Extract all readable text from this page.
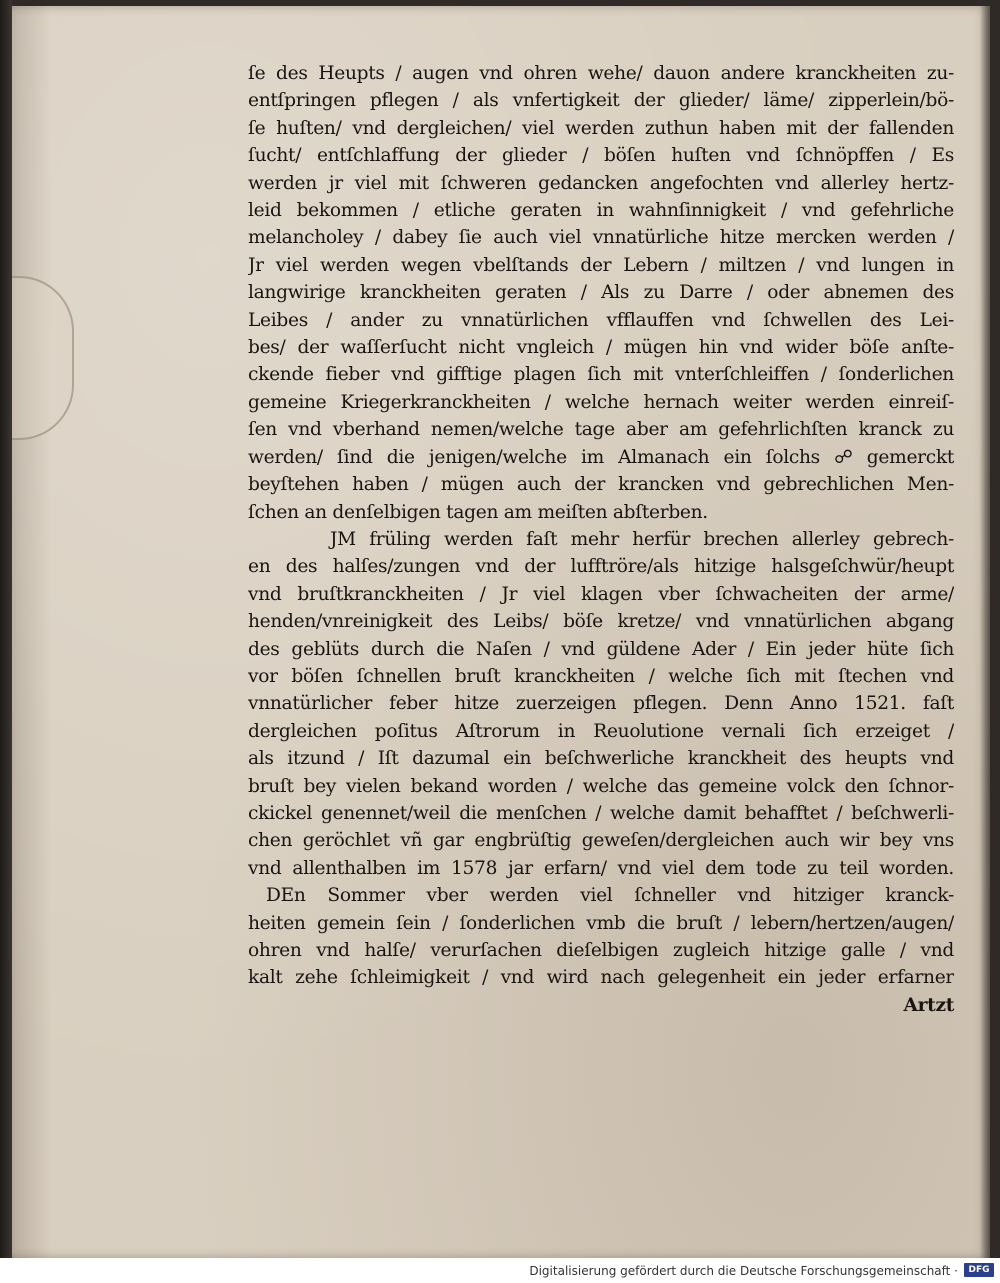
ſe des Heupts / augen vnd ohren wehe/ dauon andere kranckheiten zu-
entſpringen pflegen / als vnfertigkeit der glieder/ läme/ zipperlein/bö-
ſe huſten/ vnd dergleichen/ viel werden zuthun haben mit der fallenden
ſucht/ entſchlaffung der glieder / böſen huſten vnd ſchnöpffen / Es
werden jr viel mit ſchweren gedancken angefochten vnd allerley hertz-
leid bekommen / etliche geraten in wahnſinnigkeit / vnd gefehrliche
melancholey / dabey ſie auch viel vnnatürliche hitze mercken werden /
Jr viel werden wegen vbelſtands der Lebern / miltzen / vnd lungen in
langwirige kranckheiten geraten / Als zu Darre / oder abnemen des
Leibes / ander zu vnnatürlichen vfflauffen vnd ſchwellen des Lei-
bes/ der waſſerſucht nicht vngleich / mügen hin vnd wider böſe anſte-
ckende fieber vnd gifftige plagen ſich mit vnterſchleiffen / ſonderlichen
gemeine Kriegerkranckheiten / welche hernach weiter werden einreiſ-
ſen vnd vberhand nemen/welche tage aber am gefehrlichſten kranck zu
werden/ ſind die jenigen/welche im Almanach ein ſolchs ☍ gemerckt
beyſtehen haben / mügen auch der krancken vnd gebrechlichen Men-
ſchen an denſelbigen tagen am meiſten abſterben.
JM früling werden faſt mehr herfür brechen allerley gebrech-
en des halſes/zungen vnd der lufftröre/als hitzige halsgeſchwür/heupt
vnd bruſtkranckheiten / Jr viel klagen vber ſchwacheiten der arme/
henden/vnreinigkeit des Leibs/ böſe kretze/ vnd vnnatürlichen abgang
des geblüts durch die Naſen / vnd güldene Ader / Ein jeder hüte ſich
vor böſen ſchnellen bruſt kranckheiten / welche ſich mit ſtechen vnd
vnnatürlicher feber hitze zuerzeigen pflegen. Denn Anno 1521. faſt
dergleichen poſitus Aſtrorum in Reuolutione vernali ſich erzeiget /
als itzund / Iſt dazumal ein beſchwerliche kranckheit des heupts vnd
bruſt bey vielen bekand worden / welche das gemeine volck den ſchnor-
ckickel genennet/weil die menſchen / welche damit behafftet / beſchwerli-
chen geröchlet vñ gar engbrüſtig geweſen/dergleichen auch wir bey vns
vnd allenthalben im 1578 jar erfarn/ vnd viel dem tode zu teil worden.
DEn Sommer vber werden viel ſchneller vnd hitziger kranck-
heiten gemein ſein / ſonderlichen vmb die bruſt / lebern/hertzen/augen/
ohren vnd halſe/ verurſachen dieſelbigen zugleich hitzige galle / vnd
kalt zehe ſchleimigkeit / vnd wird nach gelegenheit ein jeder erfarner
Artzt
Digitalisierung gefördert durch die Deutsche Forschungsgemeinschaft ·	DFG
